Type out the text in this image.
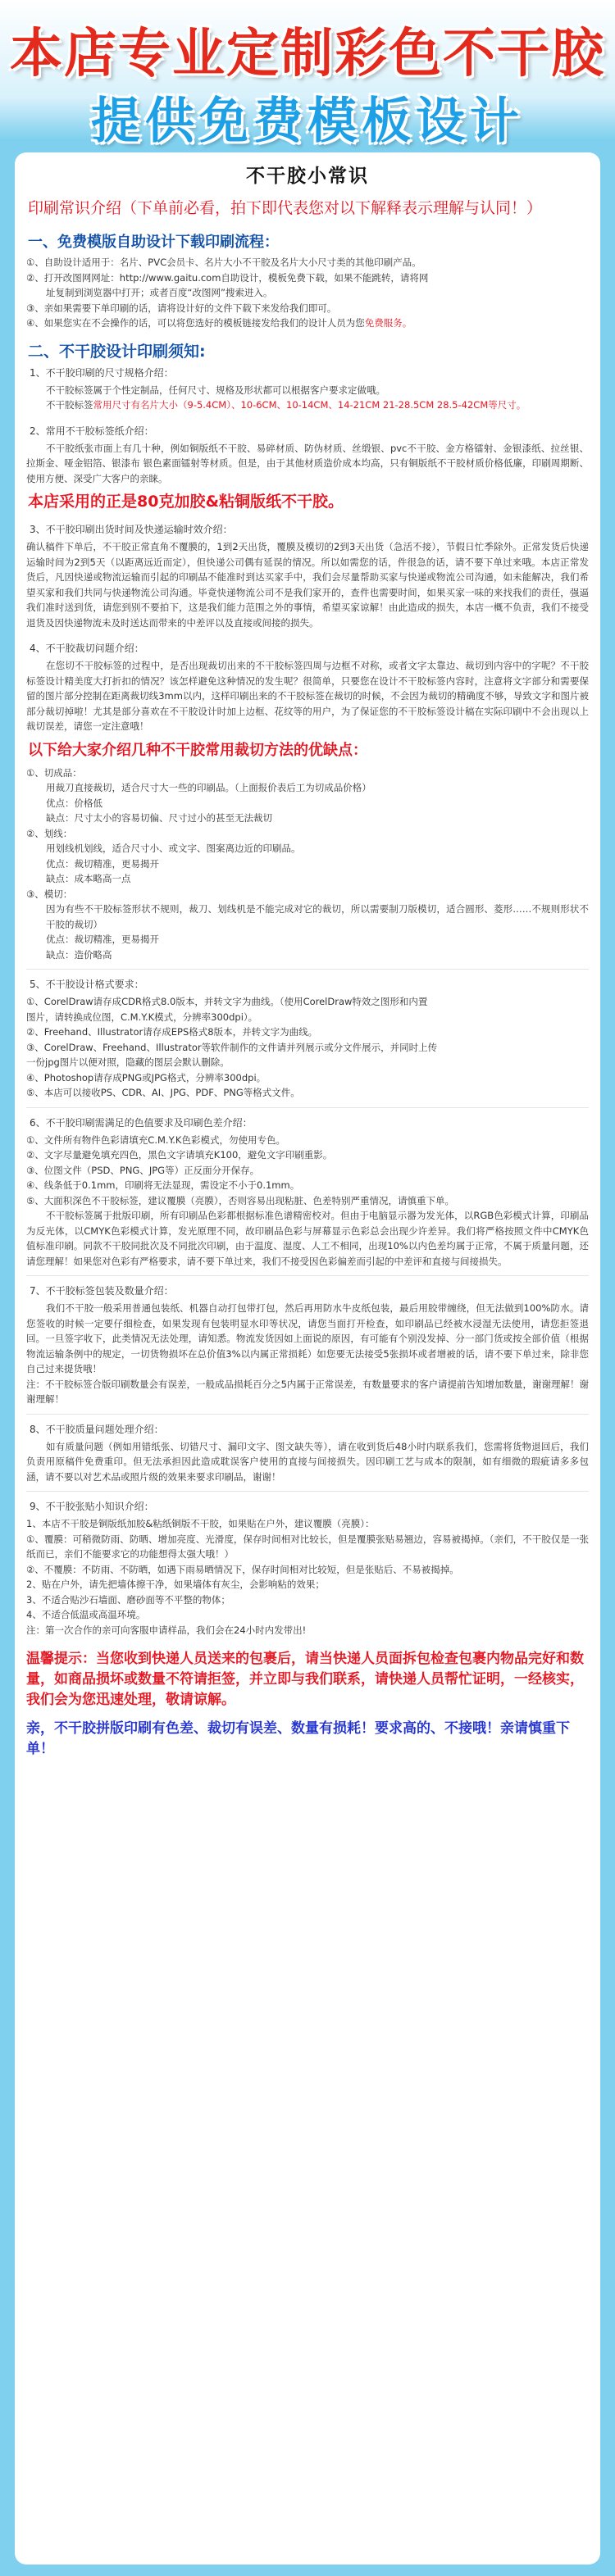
本店专业定制彩色不干胶
提供免费模板设计
不干胶小常识
印刷常识介绍（下单前必看，拍下即代表您对以下解释表示理解与认同！）
一、免费模版自助设计下载印刷流程：

①、自助设计适用于：名片、PVC会员卡、名片大小不干胶及名片大小尺寸类的其他印刷产品。

②、打开改图网网址：http://www.gaitu.com自助设计，模板免费下载，如果不能跳转，请将网

址复制到浏览器中打开；或者百度“改图网”搜索进入。

③、亲如果需要下单印刷的话，请将设计好的文件下载下来发给我们即可。

④、如果您实在不会操作的话，可以将您选好的模板链接发给我们的设计人员为您免费服务。

二、不干胶设计印刷须知:
1、不干胶印刷的尺寸规格介绍：

不干胶标签属于个性定制品，任何尺寸、规格及形状都可以根据客户要求定做哦。

不干胶标签常用尺寸有名片大小（9-5.4CM）、10-6CM、10-14CM、14-21CM 21-28.5CM 28.5-42CM等尺寸。

2、常用不干胶标签纸介绍：

不干胶纸张市面上有几十种，例如铜版纸不干胶、易碎材质、防伪材质、丝缎银、pvc不干胶、金方格镭射、金银漆纸、拉丝银、拉斯金、哑金铝箔、银漆布 银色素面镭射等材质。但是，由于其他材质造价成本均高，只有铜版纸不干胶材质价格低廉，印刷周期断、使用方便、深受广大客户的亲睐。

本店采用的正是80克加胶&粘铜版纸不干胶。
3、不干胶印刷出货时间及快递运输时效介绍：

确认稿件下单后，不干胶正常直角不覆膜的，1到2天出货，覆膜及模切的2到3天出货（急活不接），节假日忙季除外。正常发货后快递运输时间为2到5天（以距离远近而定），但快递公司偶有延误的情况。所以如需您的话，件很急的话，请不要下单过来哦。本店正常发货后，凡因快递或物流运输而引起的印刷品不能准时到达买家手中，我们会尽量帮助买家与快递或物流公司沟通，如未能解决，我们希望买家和我们共同与快递物流公司沟通。毕竟快递物流公司不是我们家开的，查件也需要时间，如果买家一味的来找我们的责任，强逼我们准时送到货，请您到别不要拍下，这是我们能力范围之外的事情，希望买家谅解！由此造成的损失，本店一概不负责，我们不接受退货及因快递物流未及时送达而带来的中差评以及直接或间接的损失。

4、不干胶裁切问题介绍：

在您切不干胶标签的过程中，是否出现裁切出来的不干胶标签四周与边框不对称，或者文字太靠边、裁切到内容中的字呢？不干胶标签设计精美度大打折扣的情况？该怎样避免这种情况的发生呢？很简单，只要您在设计不干胶标签内容时，注意将文字部分和需要保留的图片部分控制在距离裁切线3mm以内，这样印刷出来的不干胶标签在裁切的时候，不会因为裁切的精确度不够，导致文字和图片被部分裁切掉啦！尤其是部分喜欢在不干胶设计时加上边框、花纹等的用户，为了保证您的不干胶标签设计稿在实际印刷中不会出现以上裁切误差，请您一定注意哦！

以下给大家介绍几种不干胶常用裁切方法的优缺点：

①、切成品：

用裁刀直接裁切，适合尺寸大一些的印刷品。（上面报价表后工为切成品价格）

优点：价格低

缺点：尺寸太小的容易切偏、尺寸过小的甚至无法裁切

②、划线：

用划线机划线，适合尺寸小、或文字、图案离边近的印刷品。

优点：裁切精准，更易揭开

缺点：成本略高一点

③、模切：

因为有些不干胶标签形状不规则，裁刀、划线机是不能完成对它的裁切，所以需要制刀版模切，适合圆形、菱形……不规则形状不干胶的裁切）

优点：裁切精准，更易揭开

缺点：造价略高

5、不干胶设计格式要求：

①、CorelDraw请存成CDR格式8.0版本，并转文字为曲线。（使用CorelDraw特效之图形和内置

图片，请转换成位图，C.M.Y.K模式，分辨率300dpi）。

②、Freehand、Illustrator请存成EPS格式8版本，并转文字为曲线。

③、CorelDraw、Freehand、Illustrator等软件制作的文件请并列展示或分文件展示，并同时上传

一份jpg图片以便对照，隐藏的图层会默认删除。

④、Photoshop请存成PNG或JPG格式，分辨率300dpi。

⑤、本店可以接收PS、CDR、AI、JPG、PDF、PNG等格式文件。

6、不干胶印刷需满足的色值要求及印刷色差介绍：

①、文件所有物件色彩请填充C.M.Y.K色彩模式，勿使用专色。

②、文字尽量避免填充四色，黑色文字请填充K100，避免文字印刷重影。

③、位图文件（PSD、PNG、JPG等）正反面分开保存。

④、线条低于0.1mm，印刷将无法显现，需设定不小于0.1mm。

⑤、大面积深色不干胶标签，建议覆膜（亮膜），否则容易出现粘脏、色差特别严重情况，请慎重下单。

不干胶标签属于批版印刷，所有印刷品色彩都根据标准色谱精密校对。但由于电脑显示器为发光体，以RGB色彩模式计算，印刷品为反光体，以CMYK色彩模式计算，发光原理不同，故印刷品色彩与屏幕显示色彩总会出现少许差异。我们将严格按照文件中CMYK色值标准印刷。同款不干胶同批次及不同批次印刷，由于温度、湿度、人工不相同，出现10%以内色差均属于正常，不属于质量问题，还请您理解！如果您对色彩有严格要求，请不要下单过来，我们不接受因色彩偏差而引起的中差评和直接与间接损失。

7、不干胶标签包装及数量介绍：

我们不干胶一般采用普通包装纸、机器自动打包带打包，然后再用防水牛皮纸包装，最后用胶带缠绕，但无法做到100%防水。请您签收的时候一定要仔细检查，如果发现有包装明显水印等状况，请您当面打开检查，如印刷品已经被水浸湿无法使用，请您拒签退回。一旦签字收下，此类情况无法处理，请知悉。物流发货因如上面说的原因，有可能有个别没发掉、分一部门货或按全部价值（根据物流运输条例中的规定，一切货物损坏在总价值3%以内属正常损耗）如您要无法接受5张损坏或者增被的话，请不要下单过来，除非您自己过来提货哦！

注：不干胶标签合版印刷数量会有误差，一般成品损耗百分之5内属于正常误差，有数量要求的客户请提前告知增加数量，谢谢理解！谢谢理解！

8、不干胶质量问题处理介绍：

如有质量问题（例如用错纸张、切错尺寸、漏印文字、图文缺失等），请在收到货后48小时内联系我们，您需将货物退回后，我们负责用原稿件免费重印。但无法承担因此造成耽误客户使用的直接与间接损失。因印刷工艺与成本的限制，如有细微的瑕疵请多多包涵，请不要以对艺术品或照片级的效果来要求印刷品，谢谢！

9、不干胶张贴小知识介绍：

1、本店不干胶是铜版纸加胶&粘纸铜版不干胶，如果贴在户外，建议覆膜（亮膜）：

①、覆膜：可稍微防雨、防晒、增加亮度、光滑度，保存时间相对比较长，但是覆膜张贴易翘边，容易被揭掉。（亲们，不干胶仅是一张纸而已，亲们不能要求它的功能想得太强大哦！）

②、不覆膜：不防雨、不防晒，如遇下雨易晒情况下，保存时间相对比较短，但是张贴后、不易被揭掉。

2、贴在户外，请先把墙体擦干净，如果墙体有灰尘，会影响粘的效果；

3、不适合贴沙石墙面、磨砂面等不平整的物体；

4、不适合低温或高温环境。

注：第一次合作的亲可向客服申请样品，我们会在24小时内发带出!

温馨提示：当您收到快递人员送来的包裹后，请当快递人员面拆包检查包裹内物品完好和数量，如商品损坏或数量不符请拒签，并立即与我们联系，请快递人员帮忙证明，一经核实，我们会为您迅速处理，敬请谅解。
亲，不干胶拼版印刷有色差、裁切有误差、数量有损耗！要求高的、不接哦！亲请慎重下单！
